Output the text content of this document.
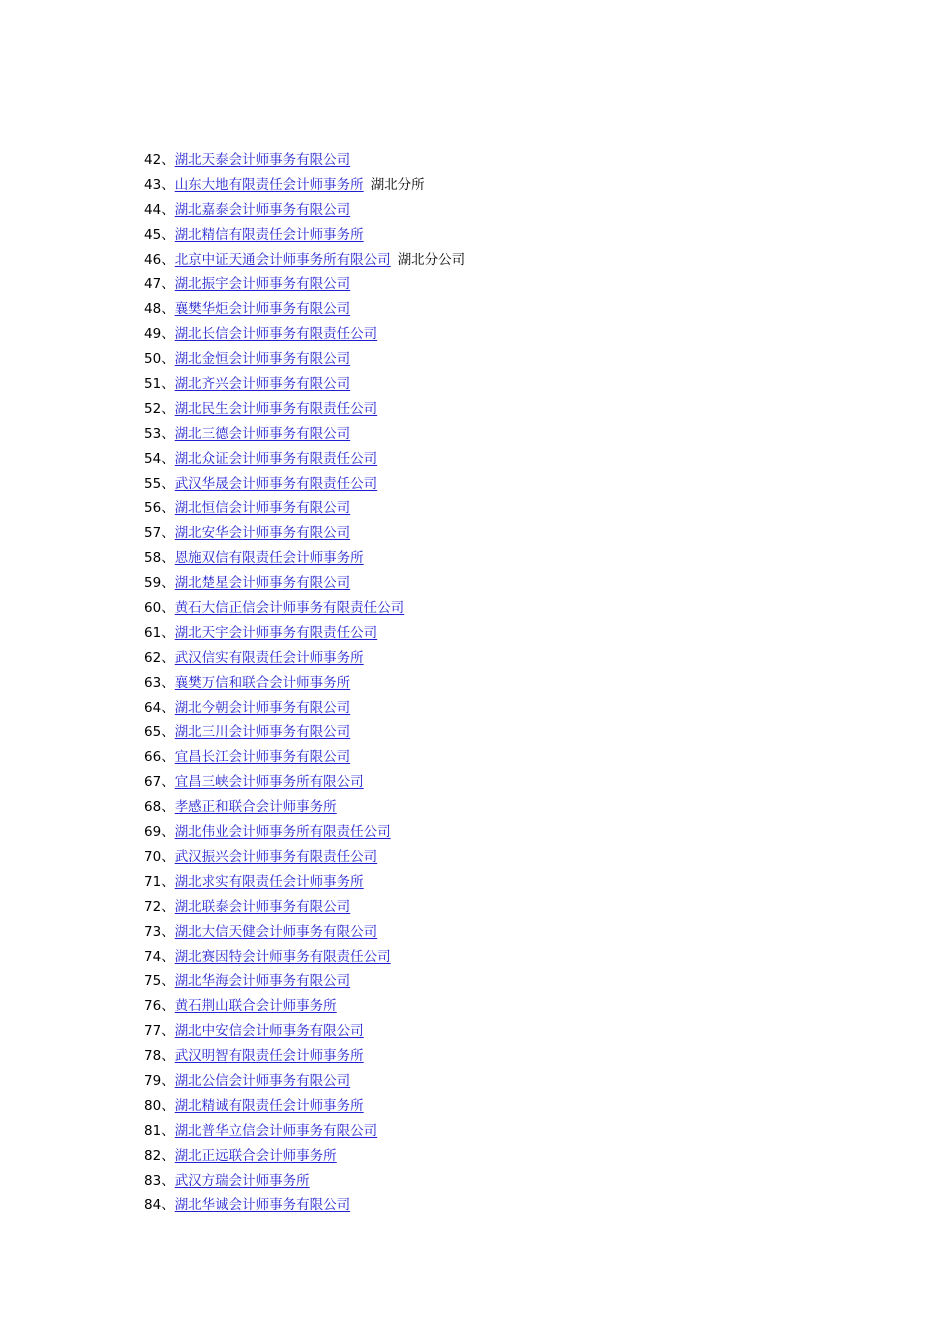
42、湖北天泰会计师事务有限公司
43、山东大地有限责任会计师事务所 湖北分所
44、湖北嘉泰会计师事务有限公司
45、湖北精信有限责任会计师事务所
46、北京中证天通会计师事务所有限公司 湖北分公司
47、湖北振宇会计师事务有限公司
48、襄樊华炬会计师事务有限公司
49、湖北长信会计师事务有限责任公司
50、湖北金恒会计师事务有限公司
51、湖北齐兴会计师事务有限公司
52、湖北民生会计师事务有限责任公司
53、湖北三德会计师事务有限公司
54、湖北众证会计师事务有限责任公司
55、武汉华晟会计师事务有限责任公司
56、湖北恒信会计师事务有限公司
57、湖北安华会计师事务有限公司
58、恩施双信有限责任会计师事务所
59、湖北楚星会计师事务有限公司
60、黄石大信正信会计师事务有限责任公司
61、湖北天宇会计师事务有限责任公司
62、武汉信实有限责任会计师事务所
63、襄樊万信和联合会计师事务所
64、湖北今朝会计师事务有限公司
65、湖北三川会计师事务有限公司
66、宜昌长江会计师事务有限公司
67、宜昌三峡会计师事务所有限公司
68、孝感正和联合会计师事务所
69、湖北伟业会计师事务所有限责任公司
70、武汉振兴会计师事务有限责任公司
71、湖北求实有限责任会计师事务所
72、湖北联泰会计师事务有限公司
73、湖北大信天健会计师事务有限公司
74、湖北赛因特会计师事务有限责任公司
75、湖北华海会计师事务有限公司
76、黄石荆山联合会计师事务所
77、湖北中安信会计师事务有限公司
78、武汉明智有限责任会计师事务所
79、湖北公信会计师事务有限公司
80、湖北精诚有限责任会计师事务所
81、湖北普华立信会计师事务有限公司
82、湖北正远联合会计师事务所
83、武汉方瑞会计师事务所
84、湖北华诚会计师事务有限公司
